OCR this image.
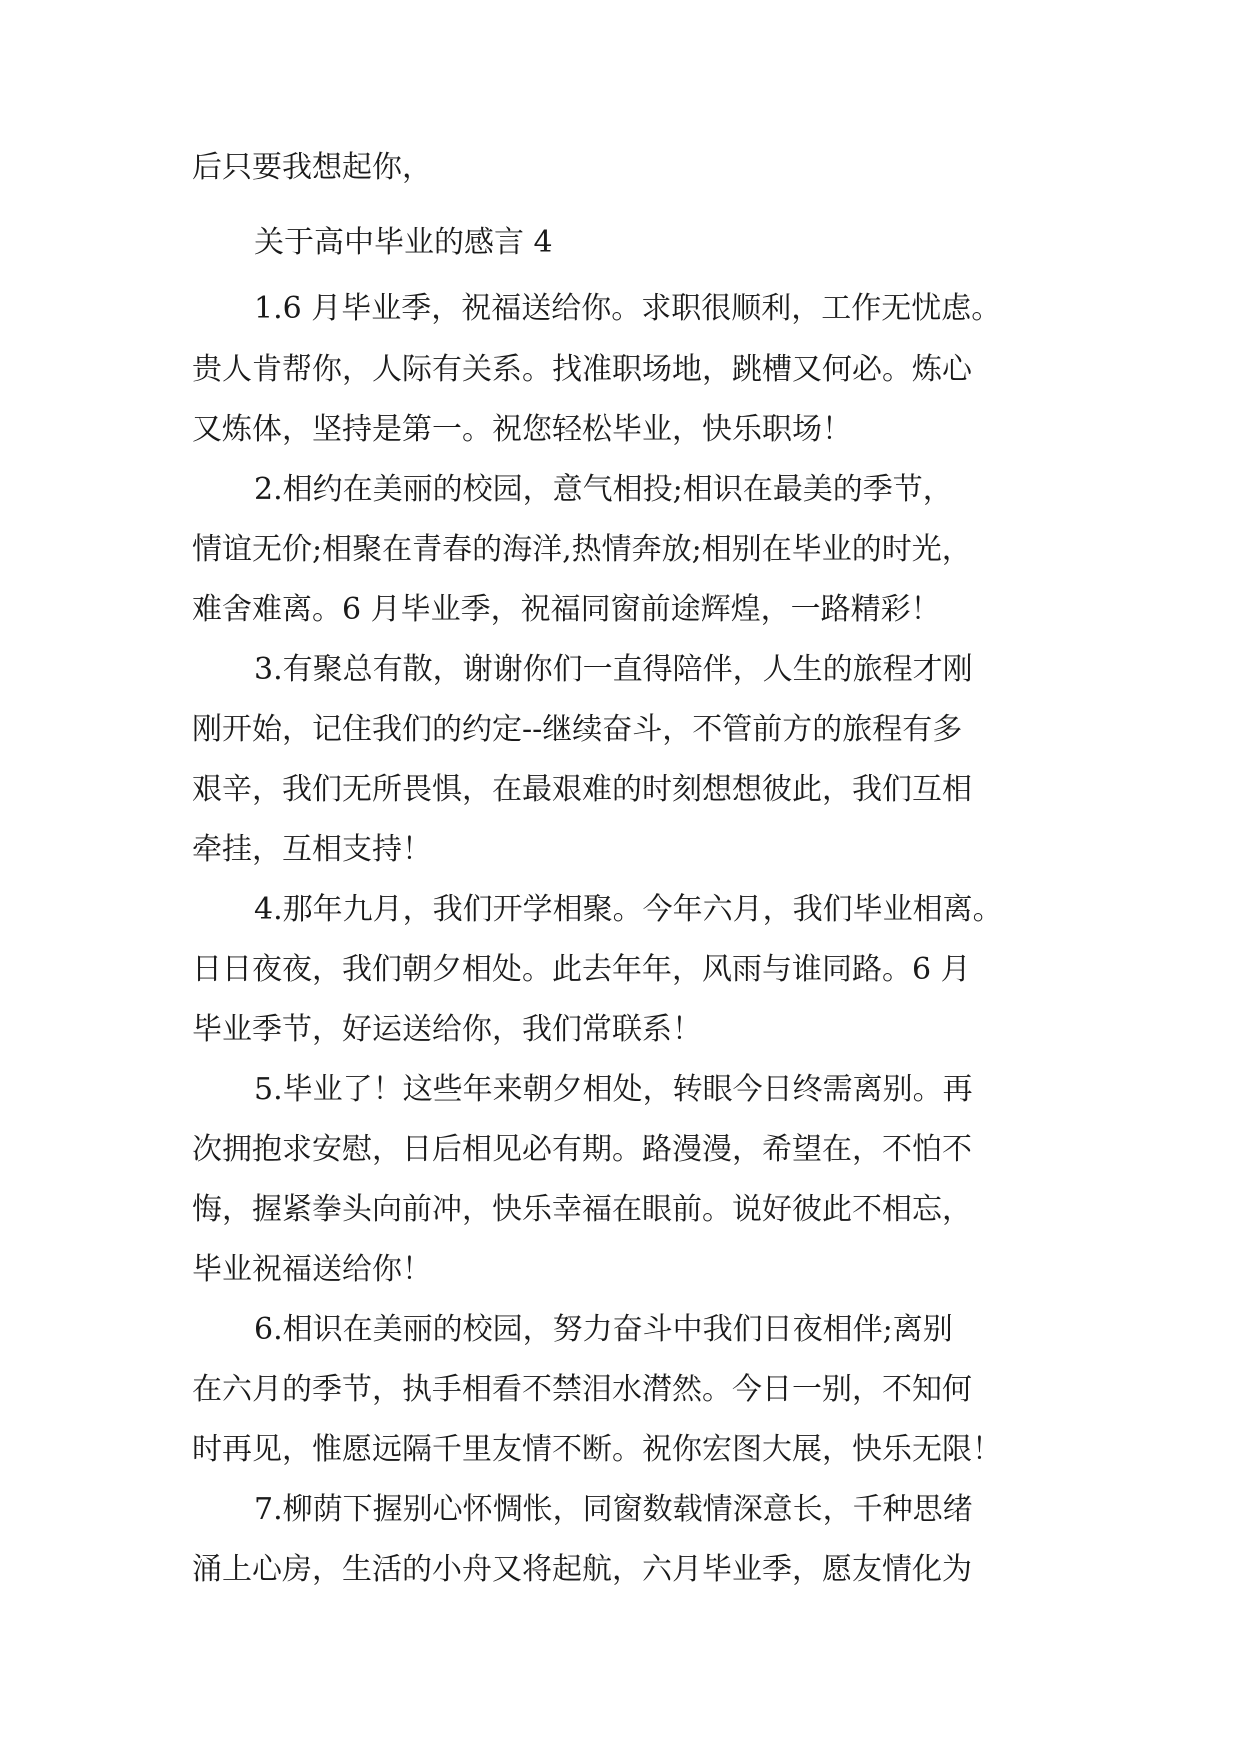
后只要我想起你，
关于高中毕业的感言 4
1.6 月毕业季，祝福送给你。求职很顺利，工作无忧虑。
贵人肯帮你，人际有关系。找准职场地，跳槽又何必。炼心
又炼体，坚持是第一。祝您轻松毕业，快乐职场！
2.相约在美丽的校园，意气相投;相识在最美的季节，
情谊无价;相聚在青春的海洋,热情奔放;相别在毕业的时光，
难舍难离。6 月毕业季，祝福同窗前途辉煌，一路精彩！
3.有聚总有散，谢谢你们一直得陪伴，人生的旅程才刚
刚开始，记住我们的约定--继续奋斗，不管前方的旅程有多
艰辛，我们无所畏惧，在最艰难的时刻想想彼此，我们互相
牵挂，互相支持！
4.那年九月，我们开学相聚。今年六月，我们毕业相离。
日日夜夜，我们朝夕相处。此去年年，风雨与谁同路。6 月
毕业季节，好运送给你，我们常联系！
5.毕业了！这些年来朝夕相处，转眼今日终需离别。再
次拥抱求安慰，日后相见必有期。路漫漫，希望在，不怕不
悔，握紧拳头向前冲，快乐幸福在眼前。说好彼此不相忘，
毕业祝福送给你！
6.相识在美丽的校园，努力奋斗中我们日夜相伴;离别
在六月的季节，执手相看不禁泪水潸然。今日一别，不知何
时再见，惟愿远隔千里友情不断。祝你宏图大展，快乐无限！
7.柳荫下握别心怀惆怅，同窗数载情深意长，千种思绪
涌上心房，生活的小舟又将起航，六月毕业季，愿友情化为
